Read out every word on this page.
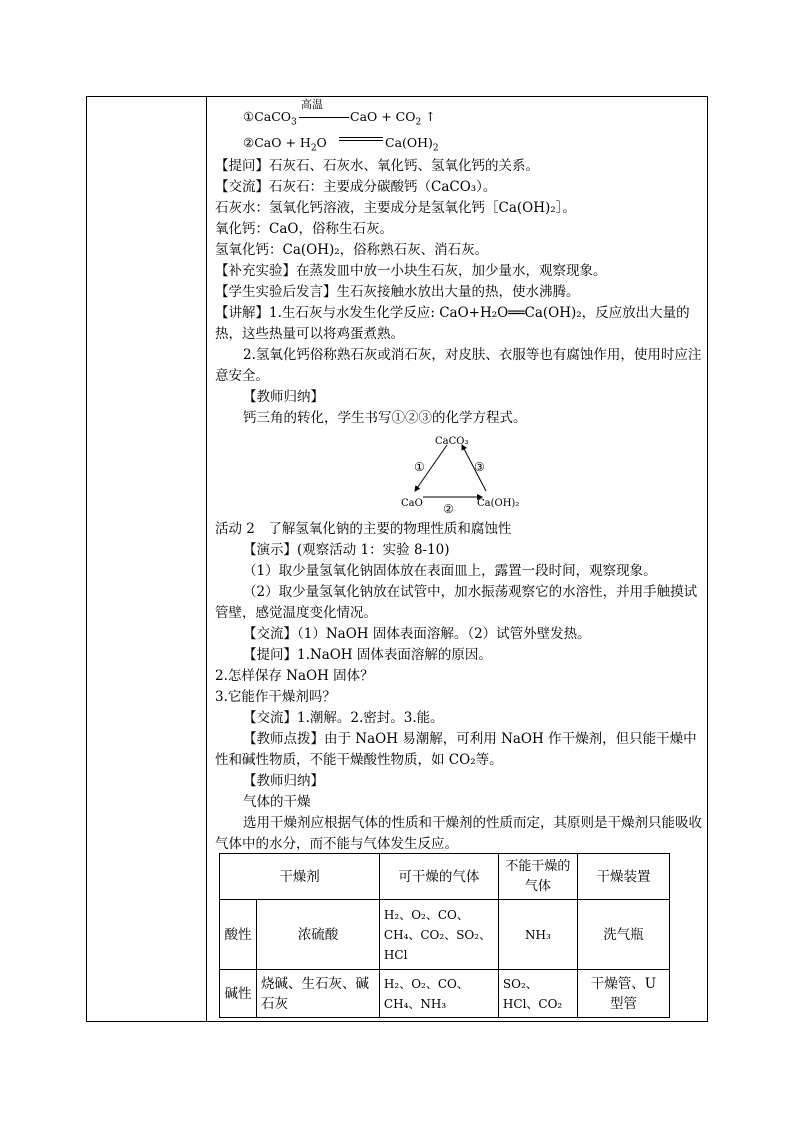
①CaCO$_3$
高温
CaO + $CO_2$ ↑
②CaO + $H_2O$	$Ca(OH)_2$
【提问】石灰石、石灰水、氧化钙、氢氧化钙的关系。
【交流】石灰石：主要成分碳酸钙（CaCO₃）。
石灰水：氢氧化钙溶液，主要成分是氢氧化钙［Ca(OH)₂］。
氧化钙：CaO，俗称生石灰。
氢氧化钙：Ca(OH)₂，俗称熟石灰、消石灰。
【补充实验】在蒸发皿中放一小块生石灰，加少量水，观察现象。
【学生实验后发言】生石灰接触水放出大量的热，使水沸腾。
【讲解】1.生石灰与水发生化学反应: CaO+H₂O══Ca(OH)₂，反应放出大量的热，这些热量可以将鸡蛋煮熟。
2.氢氧化钙俗称熟石灰或消石灰，对皮肤、衣服等也有腐蚀作用，使用时应注意安全。
【教师归纳】
钙三角的转化，学生书写①②③的化学方程式。
CaCO₃
CaO	Ca(OH)₂
①
②
③
活动 2　了解氢氧化钠的主要的物理性质和腐蚀性
【演示】(观察活动 1：实验 8-10)
（1）取少量氢氧化钠固体放在表面皿上，露置一段时间，观察现象。
（2）取少量氢氧化钠放在试管中，加水振荡观察它的水溶性，并用手触摸试管壁，感觉温度变化情况。
【交流】（1）NaOH 固体表面溶解。（2）试管外壁发热。
【提问】1.NaOH 固体表面溶解的原因。
2.怎样保存 NaOH 固体？
3.它能作干燥剂吗？
【交流】1.潮解。2.密封。3.能。
【教师点拨】由于 NaOH 易潮解，可利用 NaOH 作干燥剂，但只能干燥中性和碱性物质，不能干燥酸性物质，如 CO₂等。
【教师归纳】
气体的干燥
选用干燥剂应根据气体的性质和干燥剂的性质而定，其原则是干燥剂只能吸收气体中的水分，而不能与气体发生反应。
干燥剂		可干燥的气体	不能干燥的气体	干燥装置
酸性	浓硫酸	H₂、O₂、CO、CH₄、CO₂、SO₂、HCl	NH₃	洗气瓶
碱性	烧碱、生石灰、碱石灰	H₂、O₂、CO、CH₄、NH₃	SO₂、HCl、CO₂	干燥管、U 型管
